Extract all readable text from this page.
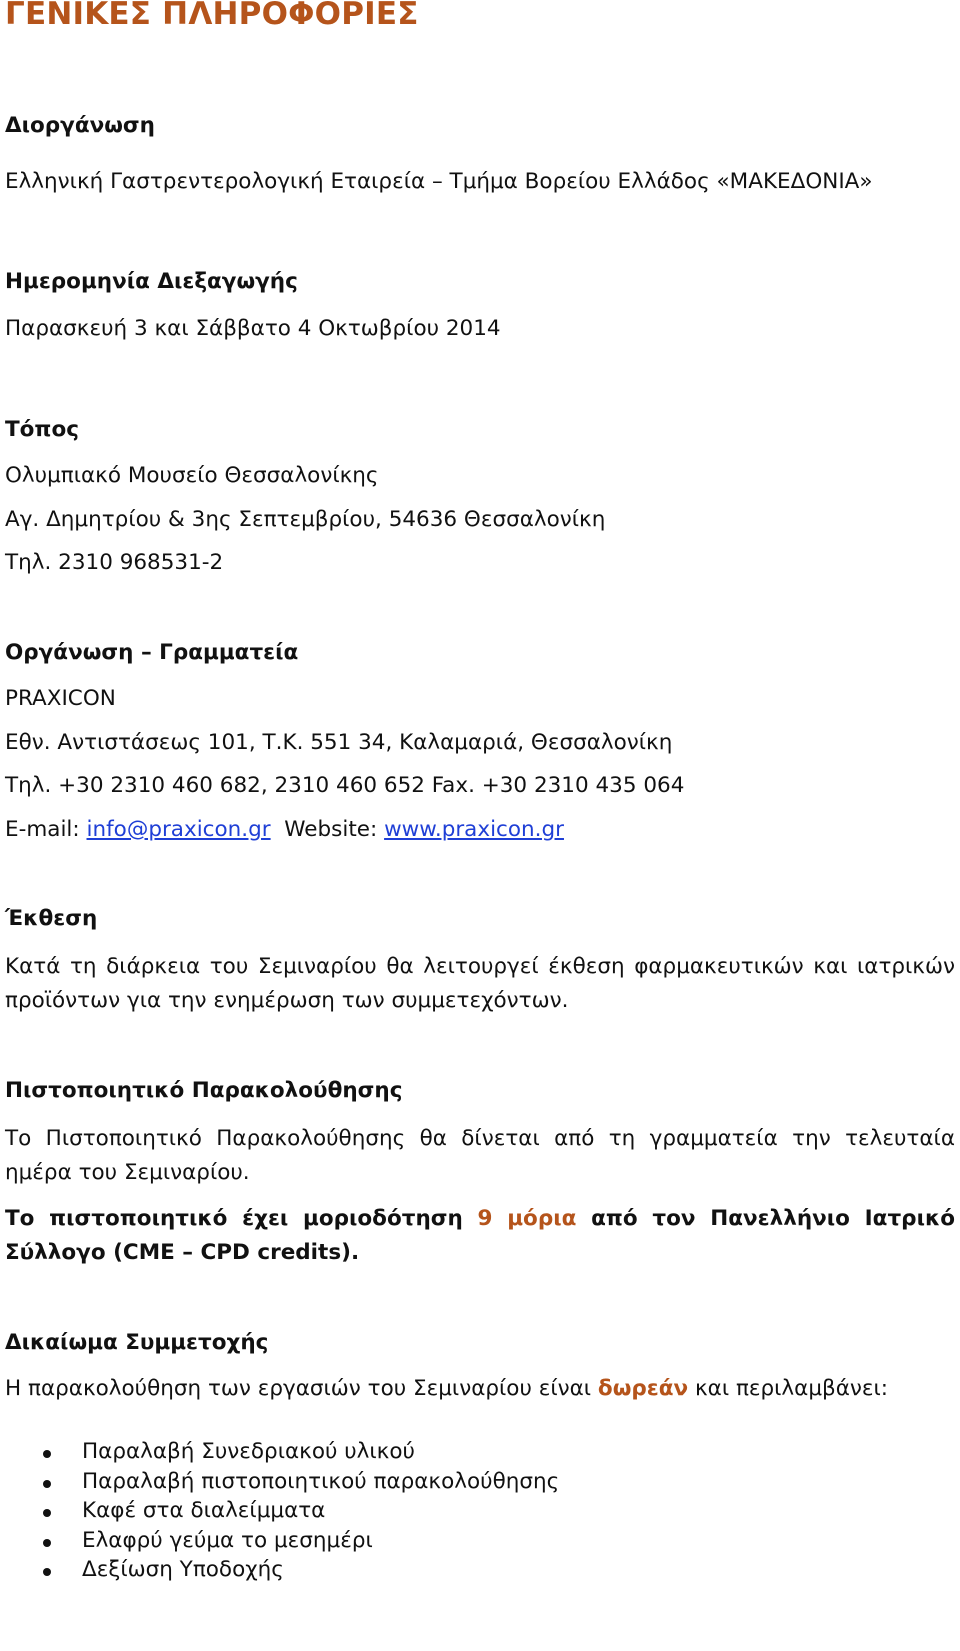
ΓΕΝΙΚΕΣ ΠΛΗΡΟΦΟΡΙΕΣ
Διοργάνωση
Ελληνική Γαστρεντερολογική Εταιρεία – Τμήμα Βορείου Ελλάδος «ΜΑΚΕΔΟΝΙΑ»
Ημερομηνία Διεξαγωγής
Παρασκευή 3 και Σάββατο 4 Οκτωβρίου 2014
Τόπος
Ολυμπιακό Μουσείο Θεσσαλονίκης
Αγ. Δημητρίου & 3ης Σεπτεμβρίου, 54636 Θεσσαλονίκη
Τηλ. 2310 968531-2
Οργάνωση – Γραμματεία
PRAXICON
Εθν. Αντιστάσεως 101, Τ.Κ. 551 34, Καλαμαριά, Θεσσαλονίκη
Τηλ. +30 2310 460 682, 2310 460 652 Fax. +30 2310 435 064
E-mail: info@praxicon.gr Website: www.praxicon.gr
Έκθεση
Κατά τη διάρκεια του Σεμιναρίου θα λειτουργεί έκθεση φαρμακευτικών και ιατρικών προϊόντων για την ενημέρωση των συμμετεχόντων.
Πιστοποιητικό Παρακολούθησης
Το Πιστοποιητικό Παρακολούθησης θα δίνεται από τη γραμματεία την τελευταία ημέρα του Σεμιναρίου.
Το πιστοποιητικό έχει μοριοδότηση 9 μόρια από τον Πανελλήνιο Ιατρικό Σύλλογο (CME – CPD credits).
Δικαίωμα Συμμετοχής
Η παρακολούθηση των εργασιών του Σεμιναρίου είναι δωρεάν και περιλαμβάνει:
Παραλαβή Συνεδριακού υλικού
Παραλαβή πιστοποιητικού παρακολούθησης
Καφέ στα διαλείμματα
Ελαφρύ γεύμα το μεσημέρι
Δεξίωση Υποδοχής
